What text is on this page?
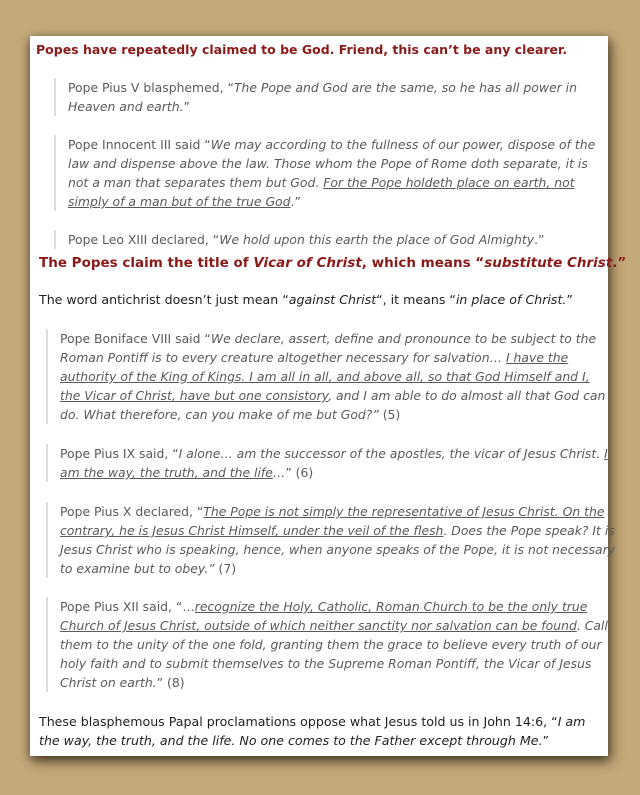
Popes have repeatedly claimed to be God. Friend, this can’t be any clearer.
Pope Pius V blasphemed, “The Pope and God are the same, so he has all power in Heaven and earth.”
Pope Innocent III said “We may according to the fullness of our power, dispose of the law and dispense above the law. Those whom the Pope of Rome doth separate, it is not a man that separates them but God. For the Pope holdeth place on earth, not simply of a man but of the true God.”
Pope Leo XIII declared, “We hold upon this earth the place of God Almighty.”
The Popes claim the title of Vicar of Christ, which means “substitute Christ.”
The word antichrist doesn’t just mean “against Christ“, it means “in place of Christ.”
Pope Boniface VIII said “We declare, assert, define and pronounce to be subject to the Roman Pontiff is to every creature altogether necessary for salvation… I have the authority of the King of Kings. I am all in all, and above all, so that God Himself and I, the Vicar of Christ, have but one consistory, and I am able to do almost all that God can do. What therefore, can you make of me but God?” (5)
Pope Pius IX said, “I alone… am the successor of the apostles, the vicar of Jesus Christ. I am the way, the truth, and the life…” (6)
Pope Pius X declared, “The Pope is not simply the representative of Jesus Christ. On the contrary, he is Jesus Christ Himself, under the veil of the flesh. Does the Pope speak? It is Jesus Christ who is speaking, hence, when anyone speaks of the Pope, it is not necessary to examine but to obey.” (7)
Pope Pius XII said, “…recognize the Holy, Catholic, Roman Church to be the only true Church of Jesus Christ, outside of which neither sanctity nor salvation can be found. Call them to the unity of the one fold, granting them the grace to believe every truth of our holy faith and to submit themselves to the Supreme Roman Pontiff, the Vicar of Jesus Christ on earth.” (8)
These blasphemous Papal proclamations oppose what Jesus told us in John 14:6, “I am the way, the truth, and the life. No one comes to the Father except through Me.”
